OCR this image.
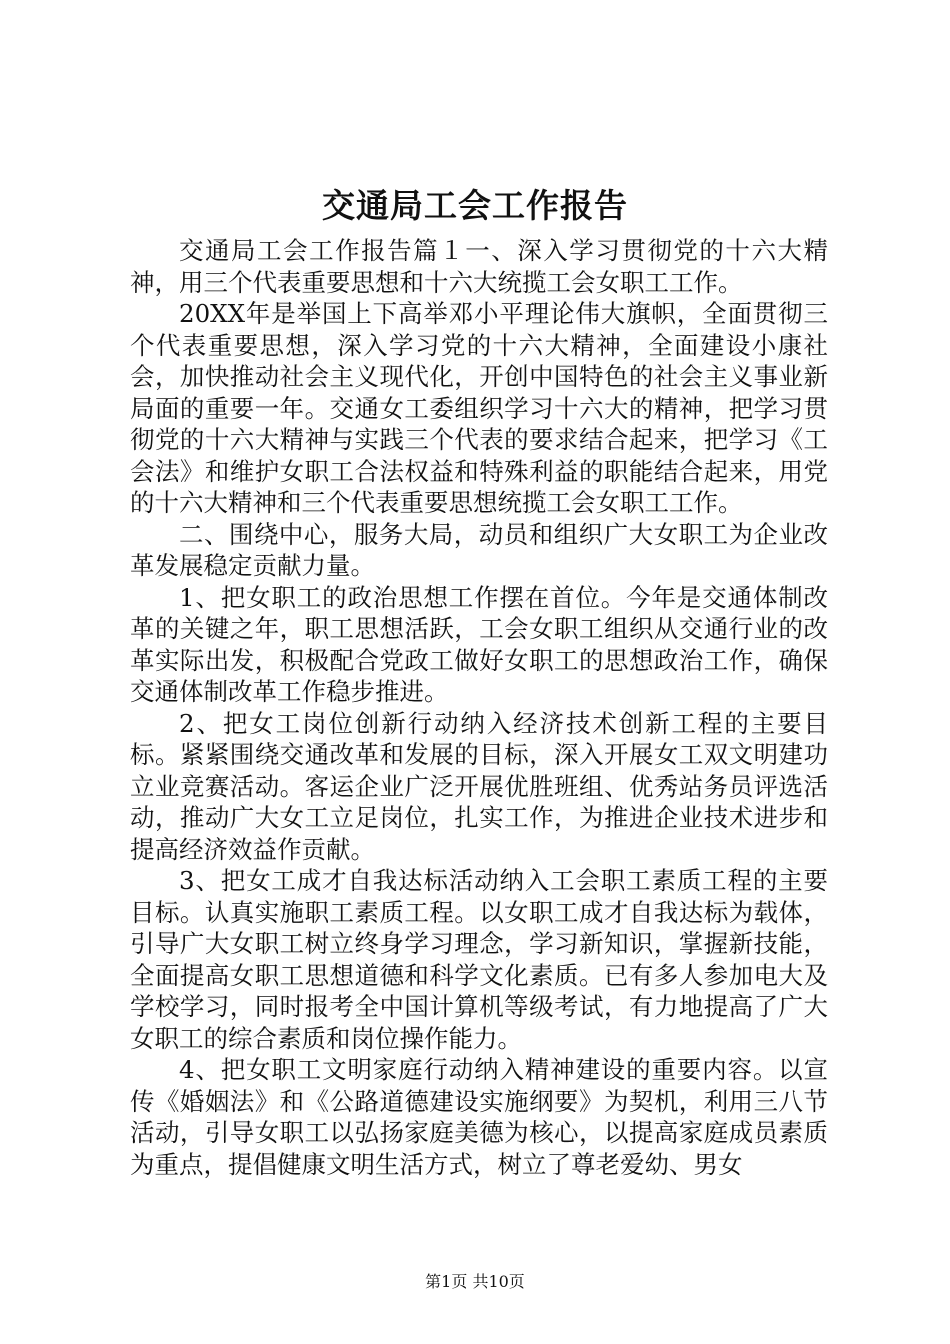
交通局工会工作报告

交通局工会工作报告篇１一、深入学习贯彻党的十六大精神，用三个代表重要思想和十六大统揽工会女职工工作。

20XX年是举国上下高举邓小平理论伟大旗帜，全面贯彻三个代表重要思想，深入学习党的十六大精神，全面建设小康社会，加快推动社会主义现代化，开创中国特色的社会主义事业新局面的重要一年。交通女工委组织学习十六大的精神，把学习贯彻党的十六大精神与实践三个代表的要求结合起来，把学习《工会法》和维护女职工合法权益和特殊利益的职能结合起来，用党的十六大精神和三个代表重要思想统揽工会女职工工作。

二、围绕中心，服务大局，动员和组织广大女职工为企业改革发展稳定贡献力量。

1、把女职工的政治思想工作摆在首位。今年是交通体制改革的关键之年，职工思想活跃，工会女职工组织从交通行业的改革实际出发，积极配合党政工做好女职工的思想政治工作，确保交通体制改革工作稳步推进。

2、把女工岗位创新行动纳入经济技术创新工程的主要目标。紧紧围绕交通改革和发展的目标，深入开展女工双文明建功立业竞赛活动。客运企业广泛开展优胜班组、优秀站务员评选活动，推动广大女工立足岗位，扎实工作，为推进企业技术进步和提高经济效益作贡献。

3、把女工成才自我达标活动纳入工会职工素质工程的主要目标。认真实施职工素质工程。以女职工成才自我达标为载体，引导广大女职工树立终身学习理念，学习新知识，掌握新技能，全面提高女职工思想道德和科学文化素质。已有多人参加电大及学校学习，同时报考全中国计算机等级考试，有力地提高了广大女职工的综合素质和岗位操作能力。

4、把女职工文明家庭行动纳入精神建设的重要内容。以宣传《婚姻法》和《公路道德建设实施纲要》为契机，利用三八节活动，引导女职工以弘扬家庭美德为核心，以提高家庭成员素质为重点，提倡健康文明生活方式，树立了尊老爱幼、男女

第1页 共10页
